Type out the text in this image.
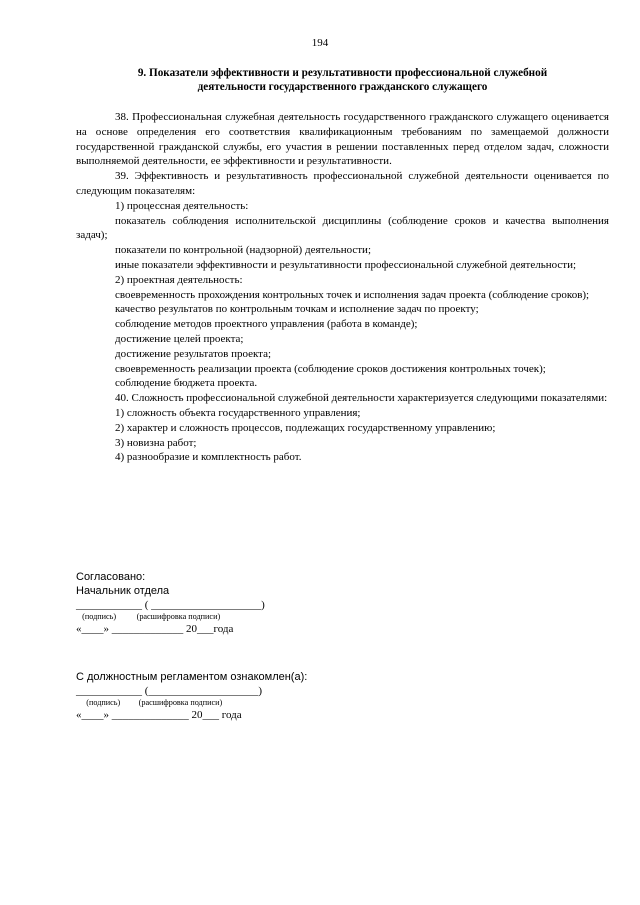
194
9. Показатели эффективности и результативности профессиональной служебной
деятельности государственного гражданского служащего

38. Профессиональная служебная деятельность государственного гражданского служащего оценивается на основе определения его соответствия квалификационным требованиям по замещаемой должности государственной гражданской службы, его участия в решении поставленных перед отделом задач, сложности выполняемой деятельности, ее эффективности и результативности.

39. Эффективность и результативность профессиональной служебной деятельности оценивается по следующим показателям:

1) процессная деятельность:

показатель соблюдения исполнительской дисциплины (соблюдение сроков и качества выполнения задач);

показатели по контрольной (надзорной) деятельности;

иные показатели эффективности и результативности профессиональной служебной деятельности;

2) проектная деятельность:

своевременность прохождения контрольных точек и исполнения задач проекта (соблюдение сроков);

качество результатов по контрольным точкам и исполнение задач по проекту;

соблюдение методов проектного управления (работа в команде);

достижение целей проекта;

достижение результатов проекта;

своевременность реализации проекта (соблюдение сроков достижения контрольных точек);

соблюдение бюджета проекта.

40. Сложность профессиональной служебной деятельности характеризуется следующими показателями:

1) сложность объекта государственного управления;

2) характер и сложность процессов, подлежащих государственному управлению;

3) новизна работ;

4) разнообразие и комплектность работ.

Согласовано:
Начальник отдела
____________ ( ____________________)
(подпись)          (расшифровка подписи)
«____» _____________ 20___года
С должностным регламентом ознакомлен(а):
____________ (____________________)
(подпись)         (расшифровка подписи)
«____» ______________ 20___ года
